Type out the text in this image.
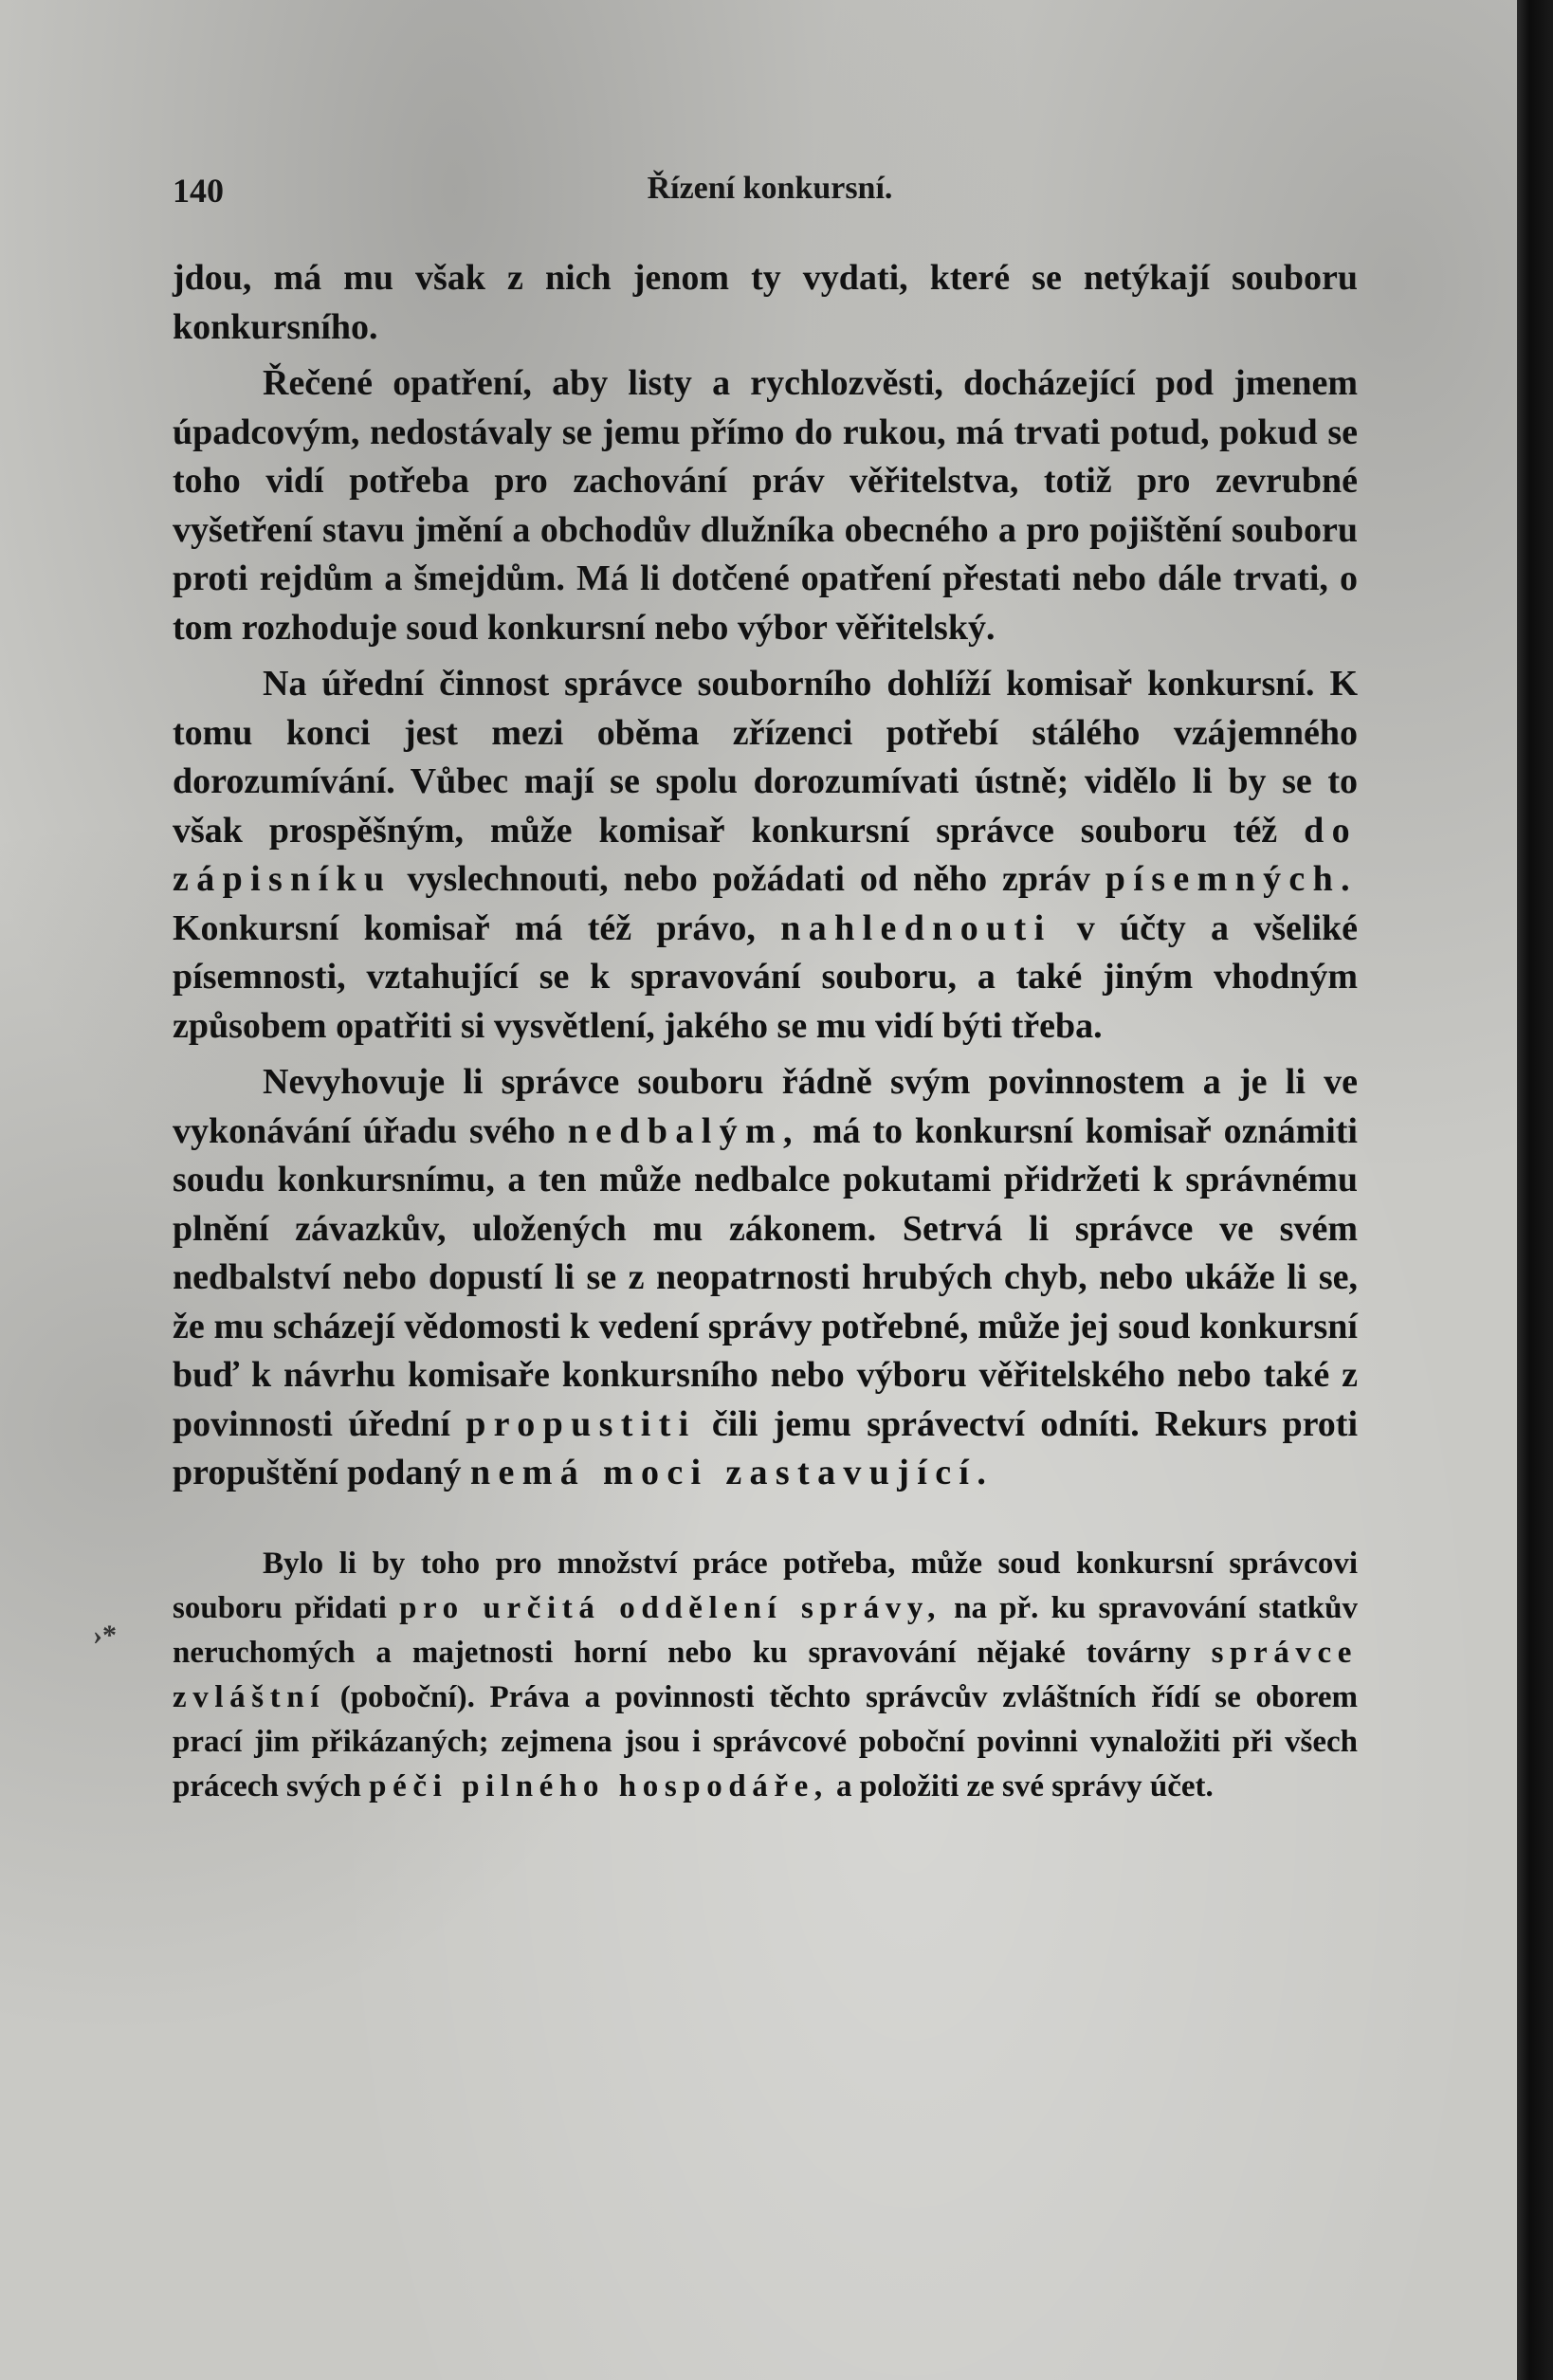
140	Řízení konkursní.
›*

jdou, má mu však z nich jenom ty vydati, které se netýkají souboru konkursního.

Řečené opatření, aby listy a rychlozvěsti, docházející pod jmenem úpadcovým, nedostávaly se jemu přímo do rukou, má trvati potud, pokud se toho vidí potřeba pro zachování práv věřitelstva, totiž pro zevrubné vyšetření stavu jmění a obchodův dlužníka obecného a pro pojištění souboru proti rejdům a šmejdům. Má li dotčené opatření přestati nebo dále trvati, o tom rozhoduje soud konkursní nebo výbor věřitelský.

Na úřední činnost správce souborního dohlíží komisař konkursní. K tomu konci jest mezi oběma zřízenci potřebí stálého vzájemného dorozumívání. Vůbec mají se spolu dorozumívati ústně; vidělo li by se to však prospěšným, může komisař konkursní správce souboru též do zápisníku vyslechnouti, nebo požádati od něho zpráv písemných. Konkursní komisař má též právo, nahlednouti v účty a všeliké písemnosti, vztahující se k spravování souboru, a také jiným vhodným způsobem opatřiti si vysvětlení, jakého se mu vidí býti třeba.

Nevyhovuje li správce souboru řádně svým povinnostem a je li ve vykonávání úřadu svého nedbalým, má to konkursní komisař oznámiti soudu konkursnímu, a ten může nedbalce pokutami přidržeti k správnému plnění závazkův, uložených mu zákonem. Setrvá li správce ve svém nedbalství nebo dopustí li se z neopatrnosti hrubých chyb, nebo ukáže li se, že mu scházejí vědomosti k vedení správy potřebné, může jej soud konkursní buď k návrhu komisaře konkursního nebo výboru věřitelského nebo také z povinnosti úřední propustiti čili jemu správectví odníti. Rekurs proti propuštění podaný nemá moci zastavující.

Bylo li by toho pro množství práce potřeba, může soud konkursní správcovi souboru přidati pro určitá oddělení správy, na př. ku spravování statkův neruchomých a majetnosti horní nebo ku spravování nějaké továrny správce zvláštní (poboční). Práva a povinnosti těchto správcův zvláštních řídí se oborem prací jim přikázaných; zejmena jsou i správcové poboční povinni vynaložiti při všech prácech svých péči pilného hospodáře, a položiti ze své správy účet.
